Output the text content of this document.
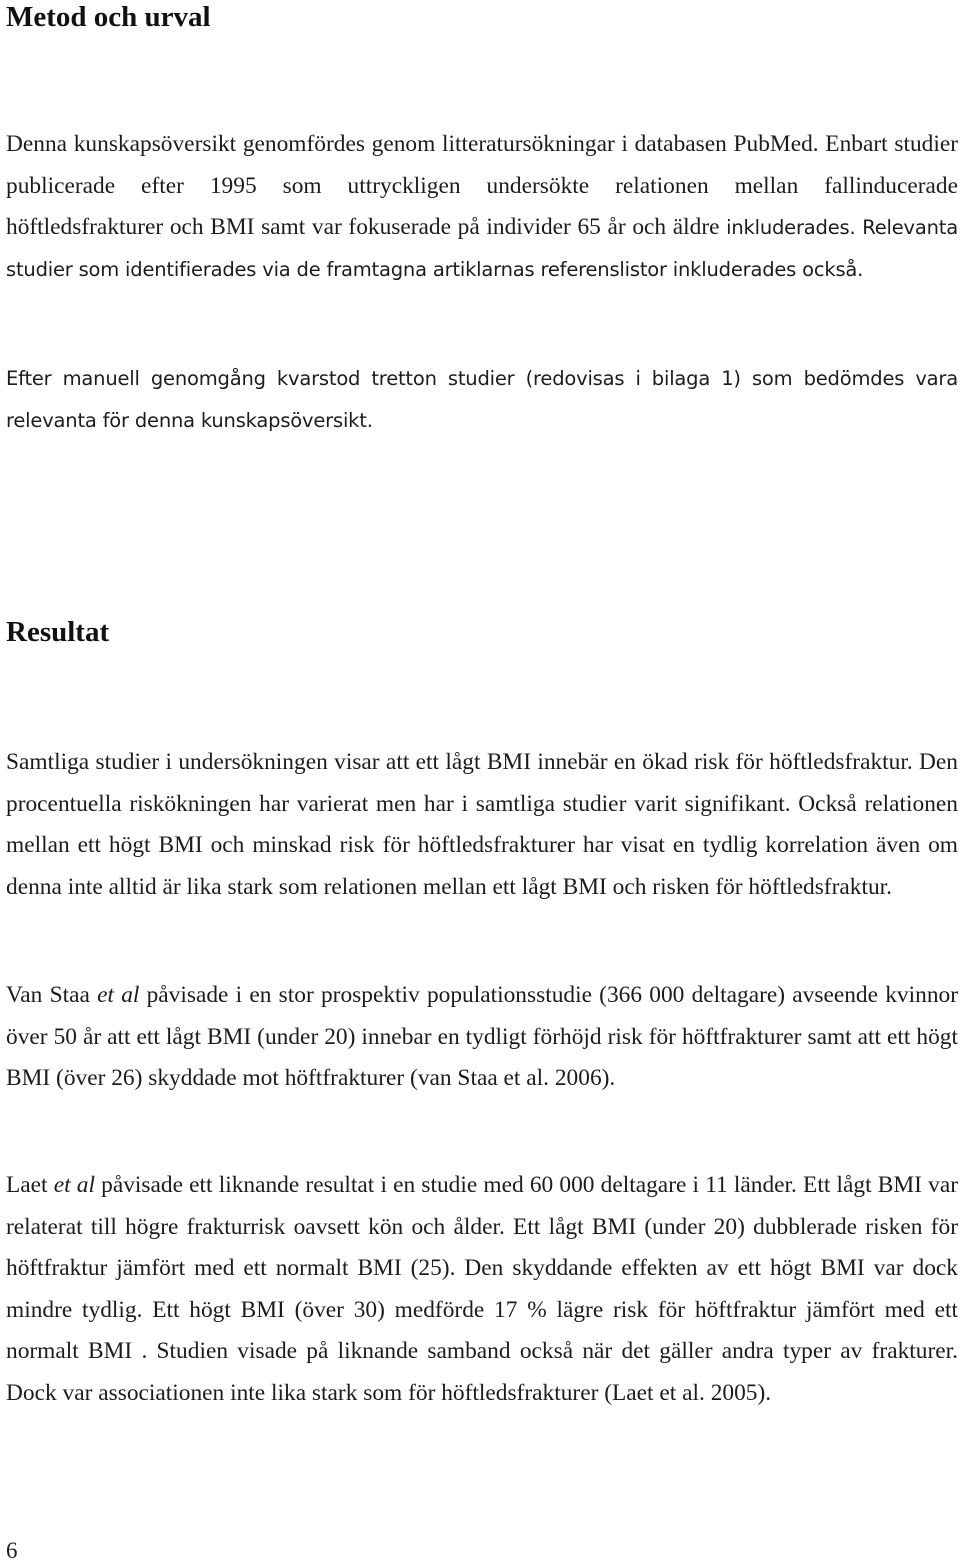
Metod och urval

Denna kunskapsöversikt genomfördes genom litteratursökningar i databasen PubMed. Enbart studier publicerade efter 1995 som uttryckligen undersökte relationen mellan fallinducerade höftledsfrakturer och BMI samt var fokuserade på individer 65 år och äldre inkluderades. Relevanta studier som identifierades via de framtagna artiklarnas referenslistor inkluderades också.

Efter manuell genomgång kvarstod tretton studier (redovisas i bilaga 1) som bedömdes vara relevanta för denna kunskapsöversikt.

Resultat

Samtliga studier i undersökningen visar att ett lågt BMI innebär en ökad risk för höftledsfraktur. Den procentuella riskökningen har varierat men har i samtliga studier varit signifikant. Också relationen mellan ett högt BMI och minskad risk för höftledsfrakturer har visat en tydlig korrelation även om denna inte alltid är lika stark som relationen mellan ett lågt BMI och risken för höftledsfraktur.

Van Staa et al påvisade i en stor prospektiv populationsstudie (366 000 deltagare) avseende kvinnor över 50 år att ett lågt BMI (under 20) innebar en tydligt förhöjd risk för höftfrakturer samt att ett högt BMI (över 26) skyddade mot höftfrakturer (van Staa et al. 2006).

Laet et al påvisade ett liknande resultat i en studie med 60 000 deltagare i 11 länder. Ett lågt BMI var relaterat till högre frakturrisk oavsett kön och ålder. Ett lågt BMI (under 20) dubblerade risken för höftfraktur jämfört med ett normalt BMI (25). Den skyddande effekten av ett högt BMI var dock mindre tydlig. Ett högt BMI (över 30) medförde 17 % lägre risk för höftfraktur jämfört med ett normalt BMI . Studien visade på liknande samband också när det gäller andra typer av frakturer. Dock var associationen inte lika stark som för höftledsfrakturer (Laet et al. 2005).

6
